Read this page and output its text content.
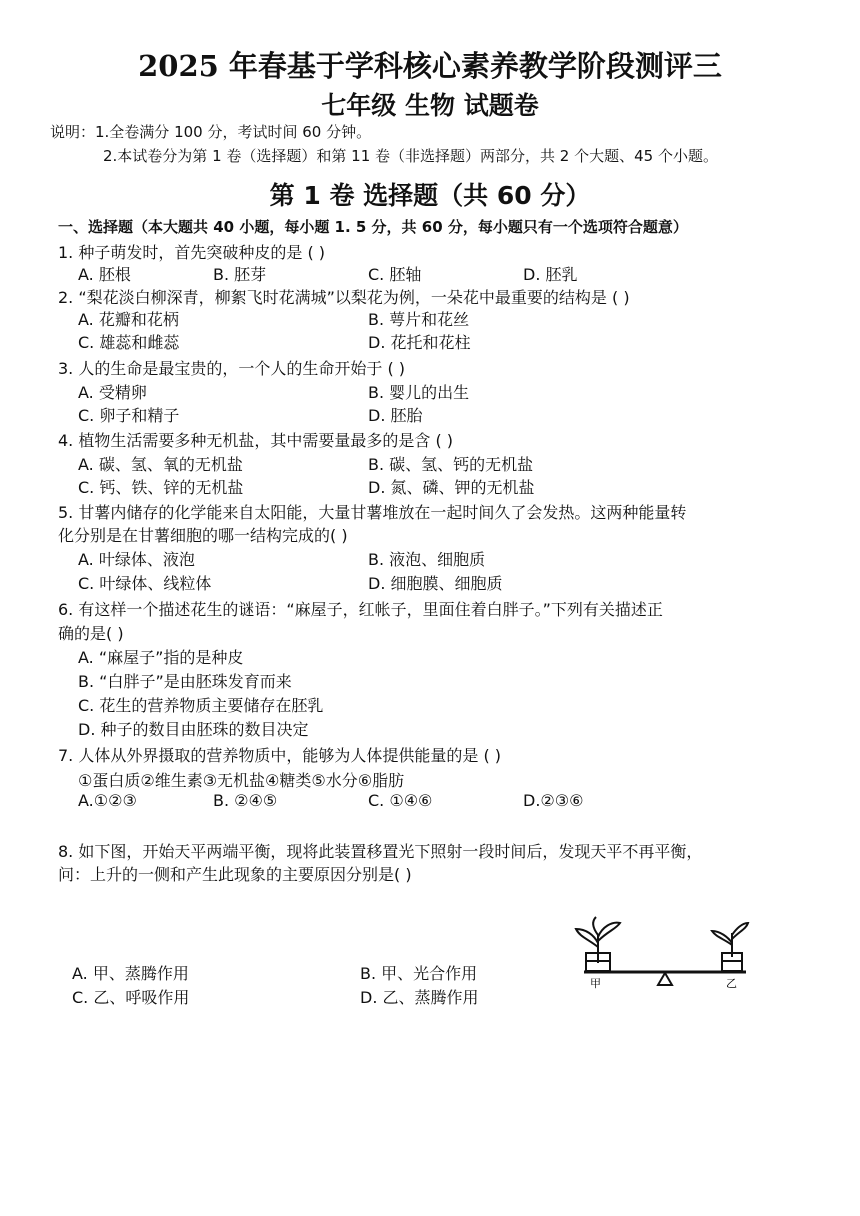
2025 年春基于学科核心素养教学阶段测评三
七年级 生物 试题卷
说明：1.全卷满分 100 分，考试时间 60 分钟。
2.本试卷分为第 1 卷（选择题）和第 11 卷（非选择题）两部分，共 2 个大题、45 个小题。
第 1 卷 选择题（共 60 分）
一、选择题（本大题共 40 小题，每小题 1. 5 分，共 60 分，每小题只有一个选项符合题意）
1. 种子萌发时，首先突破种皮的是 ( )
A. 胚根	B. 胚芽	C. 胚轴	D. 胚乳
2. “梨花淡白柳深青，柳絮飞时花满城”以梨花为例，一朵花中最重要的结构是 ( )
A. 花瓣和花柄	B. 萼片和花丝
C. 雄蕊和雌蕊	D. 花托和花柱
3. 人的生命是最宝贵的，一个人的生命开始于 ( )
A. 受精卵	B. 婴儿的出生
C. 卵子和精子	D. 胚胎
4. 植物生活需要多种无机盐，其中需要量最多的是含 ( )
A. 碳、氢、氧的无机盐	B. 碳、氢、钙的无机盐
C. 钙、铁、锌的无机盐	D. 氮、磷、钾的无机盐
5. 甘薯内储存的化学能来自太阳能，大量甘薯堆放在一起时间久了会发热。这两种能量转
化分别是在甘薯细胞的哪一结构完成的( )
A. 叶绿体、液泡	B. 液泡、细胞质
C. 叶绿体、线粒体	D. 细胞膜、细胞质
6. 有这样一个描述花生的谜语：“麻屋子，红帐子，里面住着白胖子。”下列有关描述正
确的是( )
A. “麻屋子”指的是种皮
B. “白胖子”是由胚珠发育而来
C. 花生的营养物质主要储存在胚乳
D. 种子的数目由胚珠的数目决定
7. 人体从外界摄取的营养物质中，能够为人体提供能量的是 ( )
①蛋白质②维生素③无机盐④糖类⑤水分⑥脂肪
A.①②③	B. ②④⑤	C. ①④⑥	D.②③⑥
8. 如下图，开始天平两端平衡，现将此装置移置光下照射一段时间后，发现天平不再平衡，
问：上升的一侧和产生此现象的主要原因分别是( )
A. 甲、蒸腾作用	B. 甲、光合作用
C. 乙、呼吸作用	D. 乙、蒸腾作用
甲	乙
